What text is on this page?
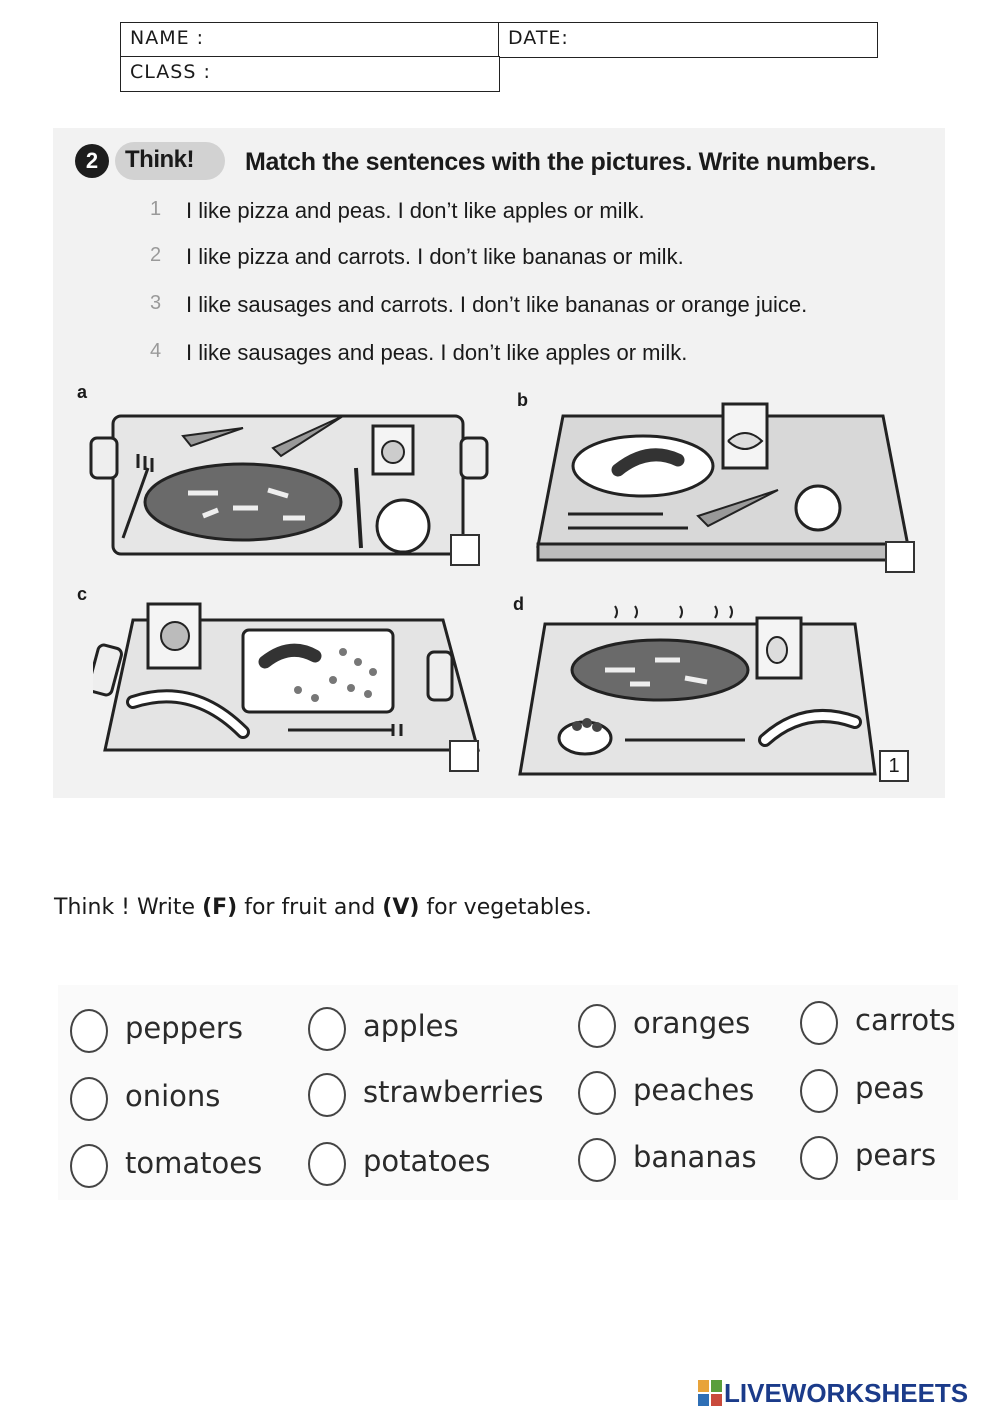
NAME :	DATE:
CLASS :
2	Think! Match the sentences with the pictures. Write numbers.
1 I like pizza and peas. I don’t like apples or milk.
2 I like pizza and carrots. I don’t like bananas or milk.
3 I like sausages and carrots. I don’t like bananas or orange juice.
4 I like sausages and peas. I don’t like apples or milk.
a	b
c	d
1
Think ! Write (F) for fruit and (V) for vegetables.
peppers	apples	oranges	carrots
onions	strawberries	peaches	peas
tomatoes	potatoes	bananas	pears
LIVEWORKSHEETS
